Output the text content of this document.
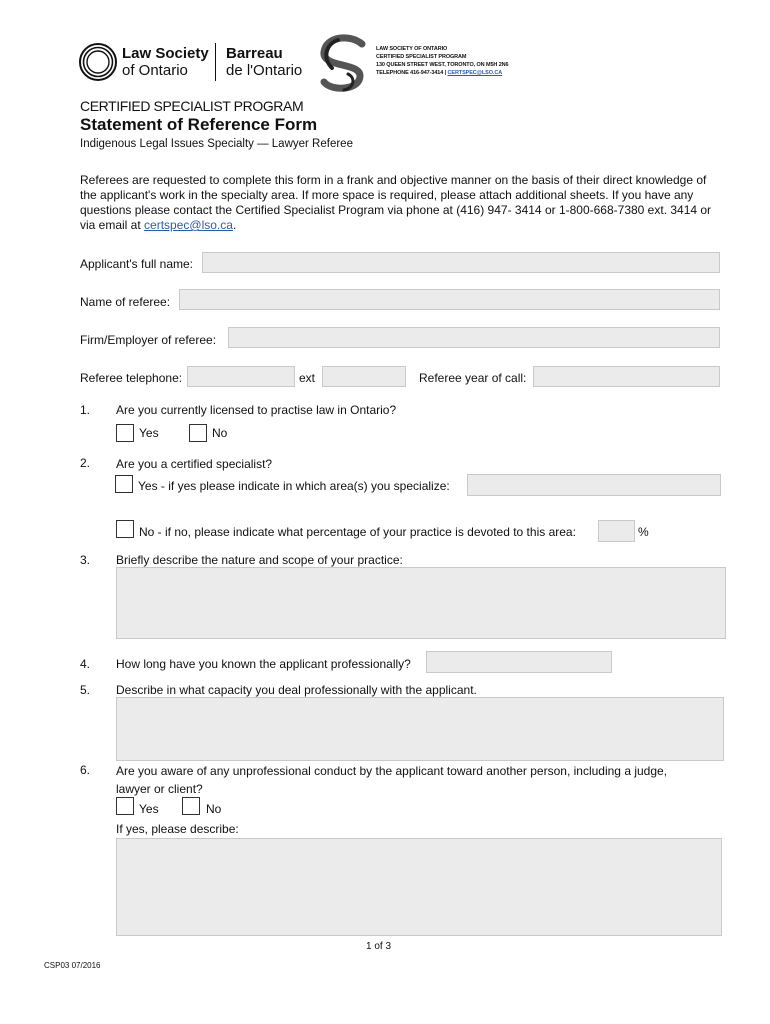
Law Society
of Ontario
Barreau
de l'Ontario
LAW SOCIETY OF ONTARIO
CERTIFIED SPECIALIST PROGRAM
130 QUEEN STREET WEST, TORONTO, ON M5H 2N6
TELEPHONE 416-947-3414 | CERTSPEC@LSO.CA
CERTIFIED SPECIALIST PROGRAM
Statement of Reference Form
Indigenous Legal Issues Specialty — Lawyer Referee
Referees are requested to complete this form in a frank and objective manner on the basis of their direct knowledge of the applicant's work in the specialty area. If more space is required, please attach additional sheets. If you have any questions please contact the Certified Specialist Program via phone at (416) 947- 3414 or 1-800-668-7380 ext. 3414 or via email at certspec@lso.ca.
Applicant's full name:
Name of referee:
Firm/Employer of referee:
Referee telephone:	ext	Referee year of call:
1. Are you currently licensed to practise law in Ontario?
Yes	No
2. Are you a certified specialist?
Yes - if yes please indicate in which area(s) you specialize:
No - if no, please indicate what percentage of your practice is devoted to this area:	%
3. Briefly describe the nature and scope of your practice:
4. How long have you known the applicant professionally?
5. Describe in what capacity you deal professionally with the applicant.
6. Are you aware of any unprofessional conduct by the applicant toward another person, including a judge,
lawyer or client?
Yes	No
If yes, please describe:
1 of 3
CSP03 07/2016
